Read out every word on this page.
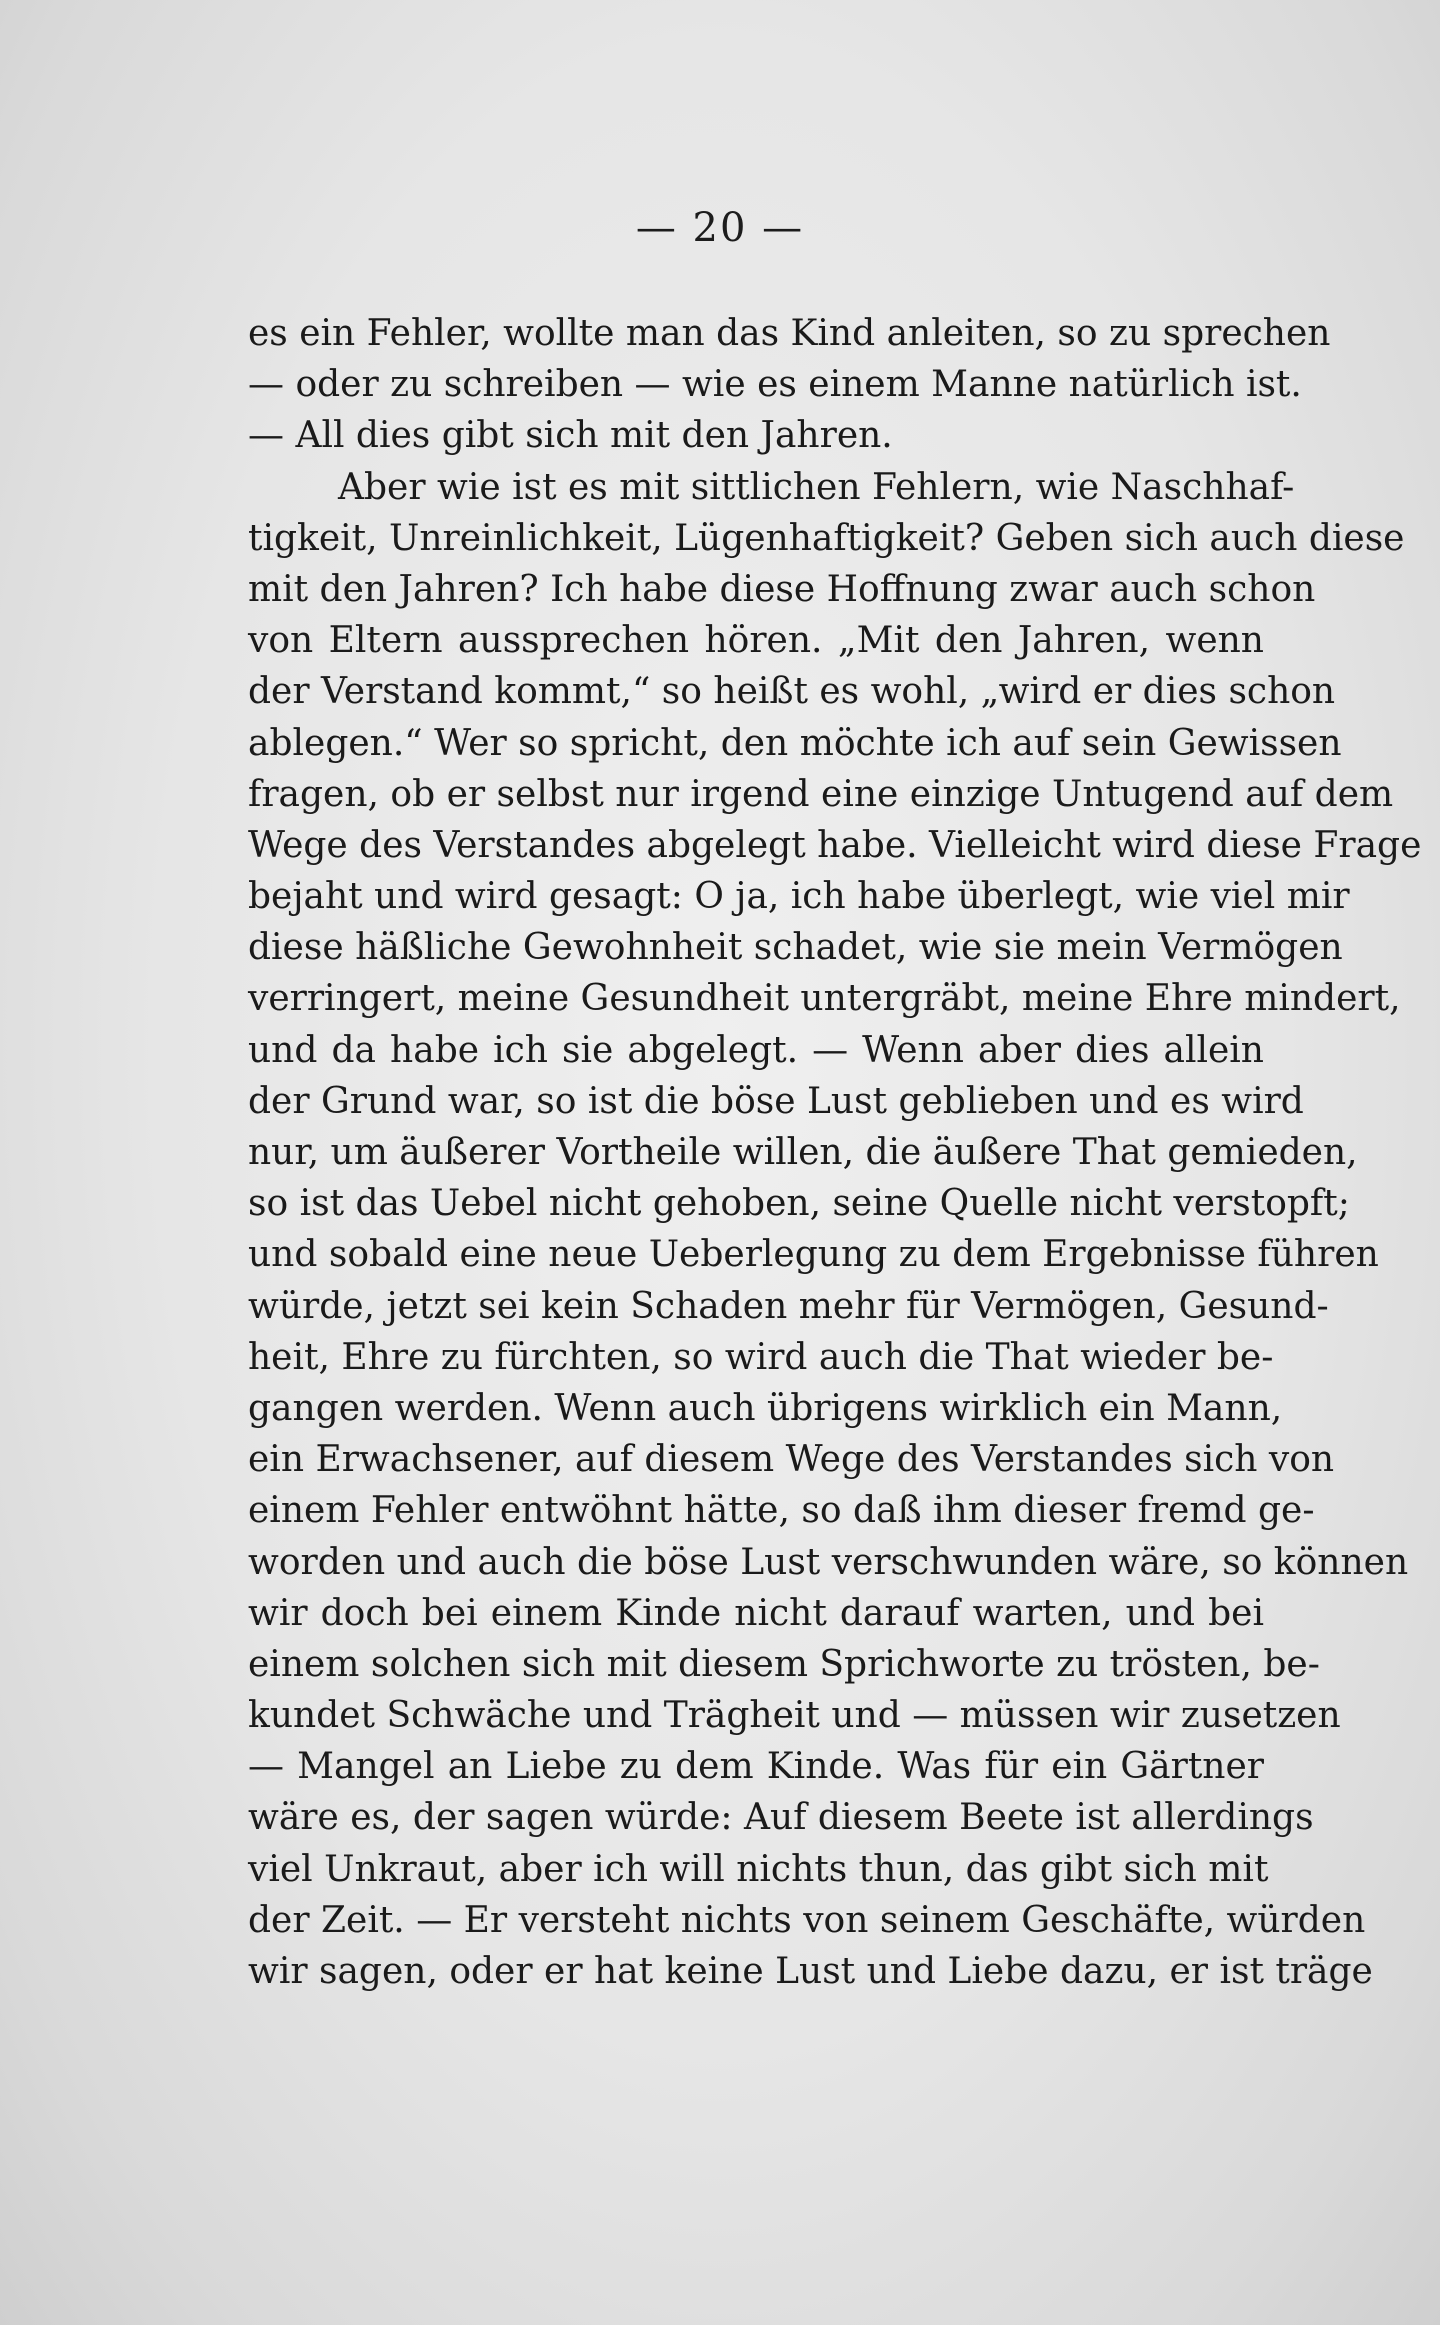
— 20 —
es ein Fehler, wollte man das Kind anleiten, so zu sprechen
— oder zu schreiben — wie es einem Manne natürlich ist.
— All dies gibt sich mit den Jahren.
Aber wie ist es mit sittlichen Fehlern, wie Naschhaf-
tigkeit, Unreinlichkeit, Lügenhaftigkeit? Geben sich auch diese
mit den Jahren? Ich habe diese Hoffnung zwar auch schon
von Eltern aussprechen hören. „Mit den Jahren, wenn
der Verstand kommt,“ so heißt es wohl, „wird er dies schon
ablegen.“ Wer so spricht, den möchte ich auf sein Gewissen
fragen, ob er selbst nur irgend eine einzige Untugend auf dem
Wege des Verstandes abgelegt habe. Vielleicht wird diese Frage
bejaht und wird gesagt: O ja, ich habe überlegt, wie viel mir
diese häßliche Gewohnheit schadet, wie sie mein Vermögen
verringert, meine Gesundheit untergräbt, meine Ehre mindert,
und da habe ich sie abgelegt. — Wenn aber dies allein
der Grund war, so ist die böse Lust geblieben und es wird
nur, um äußerer Vortheile willen, die äußere That gemieden,
so ist das Uebel nicht gehoben, seine Quelle nicht verstopft;
und sobald eine neue Ueberlegung zu dem Ergebnisse führen
würde, jetzt sei kein Schaden mehr für Vermögen, Gesund-
heit, Ehre zu fürchten, so wird auch die That wieder be-
gangen werden. Wenn auch übrigens wirklich ein Mann,
ein Erwachsener, auf diesem Wege des Verstandes sich von
einem Fehler entwöhnt hätte, so daß ihm dieser fremd ge-
worden und auch die böse Lust verschwunden wäre, so können
wir doch bei einem Kinde nicht darauf warten, und bei
einem solchen sich mit diesem Sprichworte zu trösten, be-
kundet Schwäche und Trägheit und — müssen wir zusetzen
— Mangel an Liebe zu dem Kinde. Was für ein Gärtner
wäre es, der sagen würde: Auf diesem Beete ist allerdings
viel Unkraut, aber ich will nichts thun, das gibt sich mit
der Zeit. — Er versteht nichts von seinem Geschäfte, würden
wir sagen, oder er hat keine Lust und Liebe dazu, er ist träge
